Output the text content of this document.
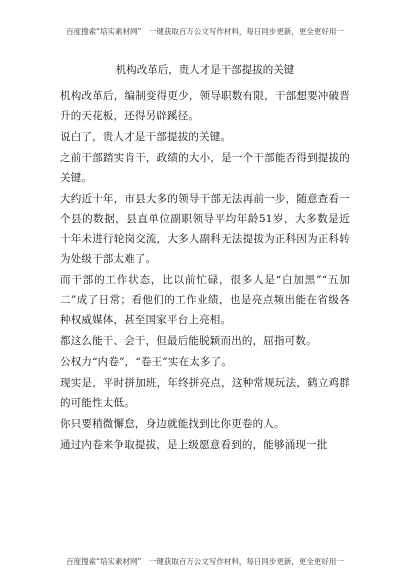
百度搜索“培实素材网”　一键获取百万公文写作材料，每日同步更新，更全更好用一
机构改革后，贵人才是干部提拔的关键

机构改革后，编制变得更少，领导职数有限，干部想要冲破晋升的天花板，还得另辟蹊径。

说白了，贵人才是干部提拔的关键。

之前干部踏实肯干，政绩的大小，是一个干部能否得到提拔的关键。

大约近十年，市县大多的领导干部无法再前一步，随意查看一个县的数据，县直单位副职领导平均年龄51岁，大多数是近十年未进行轮岗交流，大多人副科无法提拔为正科因为正科转为处级干部太难了。

而干部的工作状态，比以前忙碌，很多人是“白加黑”“五加二”成了日常；看他们的工作业绩，也是亮点频出能在省级各种权威媒体，甚至国家平台上亮相。

都这么能干、会干，但最后能脱颖而出的，屈指可数。

公权力“内卷”，“卷王”实在太多了。

现实是，平时拼加班，年终拼亮点，这种常规玩法，鹤立鸡群的可能性太低。

你只要稍微懈怠，身边就能找到比你更卷的人。

通过内卷来争取提拔，是上级愿意看到的，能够涌现一批

百度搜索“培实素材网”　一键获取百万公文写作材料，每日同步更新，更全更好用一
